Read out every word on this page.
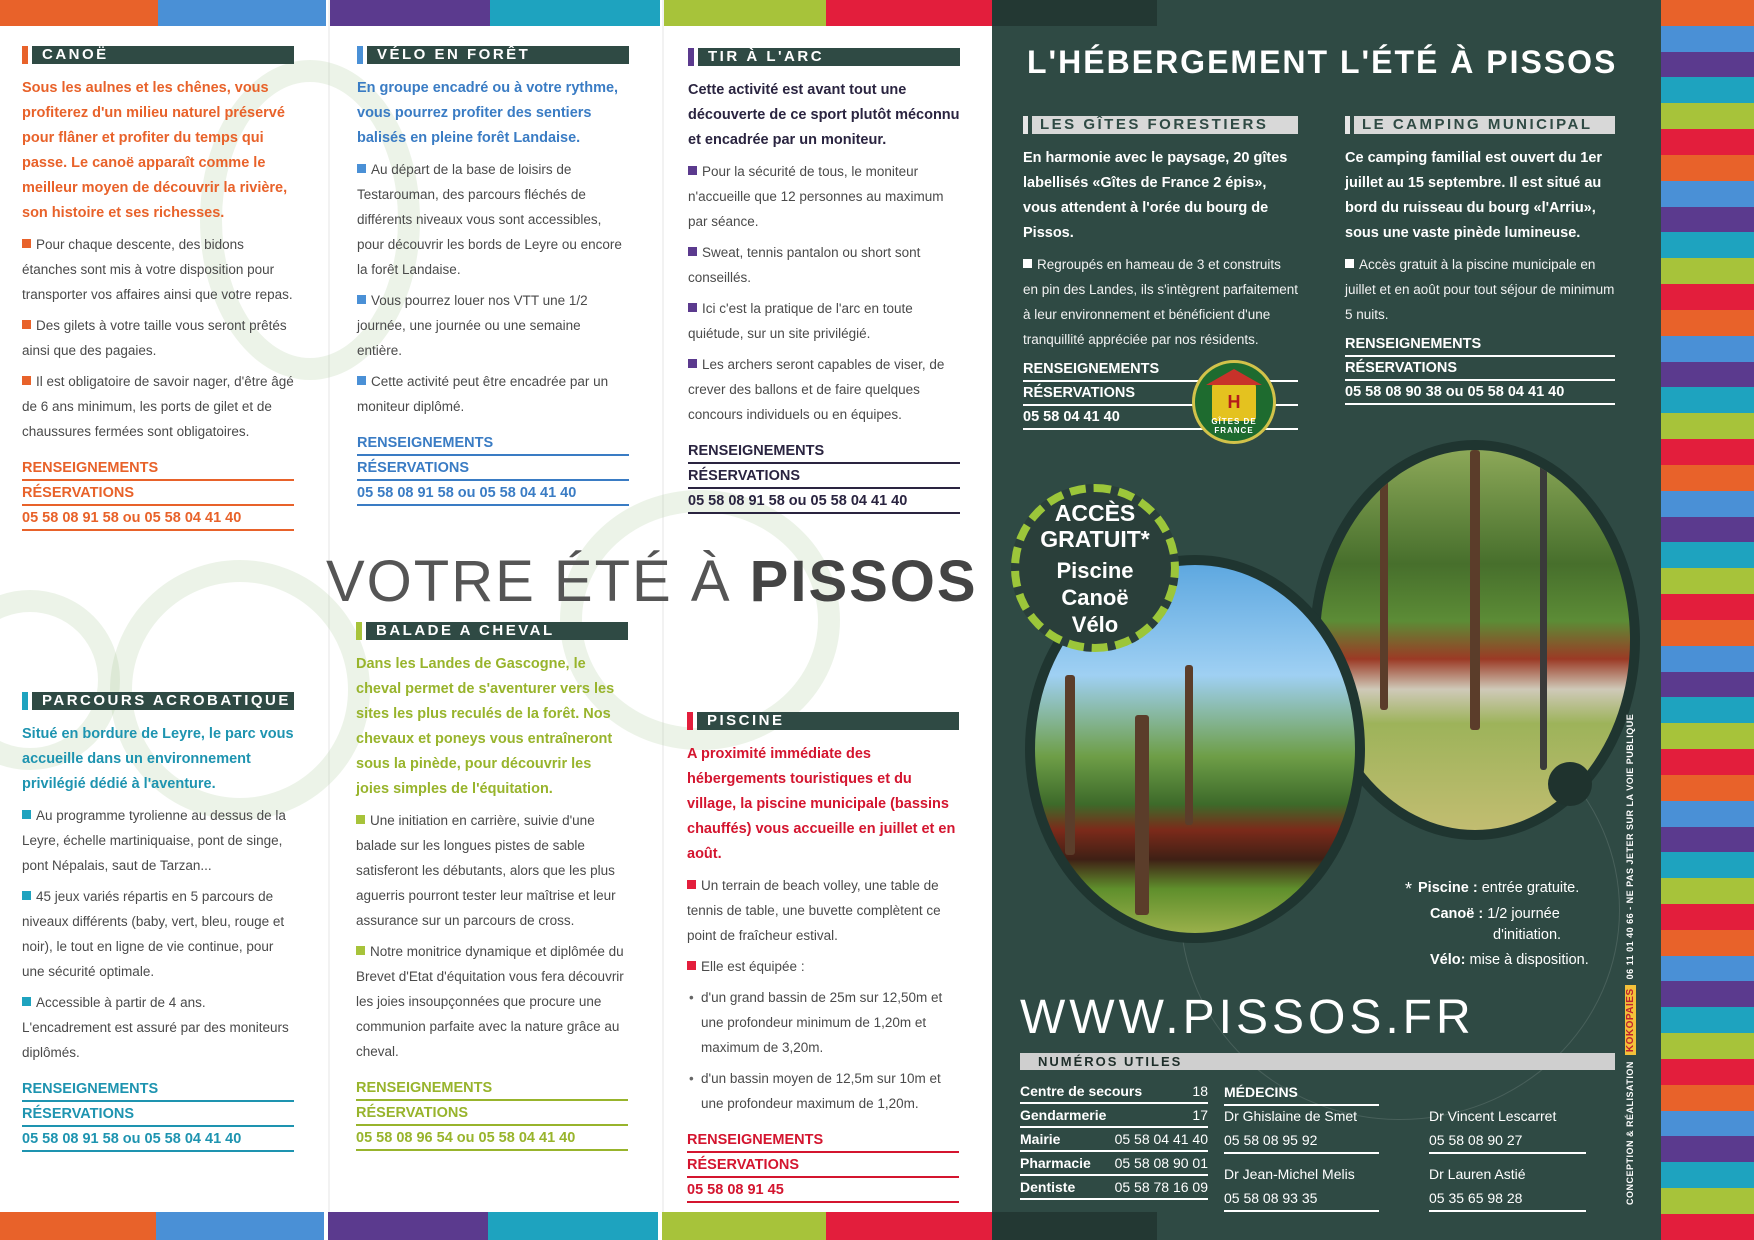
CANOË
Sous les aulnes et les chênes, vous profiterez d'un milieu naturel préservé pour flâner et profiter du temps qui passe. Le canoë apparaît comme le meilleur moyen de découvrir la rivière, son histoire et ses richesses.
Pour chaque descente, des bidons étanches sont mis à votre disposition pour transporter vos affaires ainsi que votre repas.
Des gilets à votre taille vous seront prêtés ainsi que des pagaies.
Il est obligatoire de savoir nager, d'être âgé de 6 ans minimum, les ports de gilet et de chaussures fermées sont obligatoires.
RENSEIGNEMENTS
RÉSERVATIONS
05 58 08 91 58 ou 05 58 04 41 40
VÉLO EN FORÊT
En groupe encadré ou à votre rythme, vous pourrez profiter des sentiers balisés en pleine forêt Landaise.
Au départ de la base de loisirs de Testarouman, des parcours fléchés de différents niveaux vous sont accessibles, pour découvrir les bords de Leyre ou encore la forêt Landaise.
Vous pourrez louer nos VTT une 1/2 journée, une journée ou une semaine entière.
Cette activité peut être encadrée par un moniteur diplômé.
RENSEIGNEMENTS
RÉSERVATIONS
05 58 08 91 58 ou 05 58 04 41 40
TIR À L'ARC
Cette activité est avant tout une découverte de ce sport plutôt méconnu et encadrée par un moniteur.
Pour la sécurité de tous, le moniteur n'accueille que 12 personnes au maximum par séance.
Sweat, tennis pantalon ou short sont conseillés.
Ici c'est la pratique de l'arc en toute quiétude, sur un site privilégié.
Les archers seront capables de viser, de crever des ballons et de faire quelques concours individuels ou en équipes.
RENSEIGNEMENTS
RÉSERVATIONS
05 58 08 91 58 ou 05 58 04 41 40
VOTRE ÉTÉ À PISSOS
PARCOURS ACROBATIQUE
Situé en bordure de Leyre, le parc vous accueille dans un environnement privilégié dédié à l'aventure.
Au programme tyrolienne au dessus de la Leyre, échelle martiniquaise, pont de singe, pont Népalais, saut de Tarzan...
45 jeux variés répartis en 5 parcours de niveaux différents (baby, vert, bleu, rouge et noir), le tout en ligne de vie continue, pour une sécurité optimale.
Accessible à partir de 4 ans. L'encadrement est assuré par des moniteurs diplômés.
RENSEIGNEMENTS
RÉSERVATIONS
05 58 08 91 58 ou 05 58 04 41 40
BALADE A CHEVAL
Dans les Landes de Gascogne, le cheval permet de s'aventurer vers les sites les plus reculés de la forêt. Nos chevaux et poneys vous entraîneront sous la pinède, pour découvrir les joies simples de l'équitation.
Une initiation en carrière, suivie d'une balade sur les longues pistes de sable satisferont les débutants, alors que les plus aguerris pourront tester leur maîtrise et leur assurance sur un parcours de cross.
Notre monitrice dynamique et diplômée du Brevet d'Etat d'équitation vous fera découvrir les joies insoupçonnées que procure une communion parfaite avec la nature grâce au cheval.
RENSEIGNEMENTS
RÉSERVATIONS
05 58 08 96 54 ou 05 58 04 41 40
PISCINE
A proximité immédiate des hébergements touristiques et du village, la piscine municipale (bassins chauffés) vous accueille en juillet et en août.
Un terrain de beach volley, une table de tennis de table, une buvette complètent ce point de fraîcheur estival.
Elle est équipée :
• d'un grand bassin de 25m sur 12,50m et une profondeur minimum de 1,20m et maximum de 3,20m.
• d'un bassin moyen de 12,5m sur 10m et une profondeur maximum de 1,20m.
RENSEIGNEMENTS
RÉSERVATIONS
05 58 08 91 45
L'HÉBERGEMENT L'ÉTÉ À PISSOS
LES GÎTES FORESTIERS
En harmonie avec le paysage, 20 gîtes labellisés «Gîtes de France 2 épis», vous attendent à l'orée du bourg de Pissos.
Regroupés en hameau de 3 et construits en pin des Landes, ils s'intègrent parfaitement à leur environnement et bénéficient d'une tranquillité appréciée par nos résidents.
RENSEIGNEMENTS
RÉSERVATIONS
05 58 04 41 40
H
GÎTES DE FRANCE
LE CAMPING MUNICIPAL
Ce camping familial est ouvert du 1er juillet au 15 septembre. Il est situé au bord du ruisseau du bourg «l'Arriu», sous une vaste pinède lumineuse.
Accès gratuit à la piscine municipale en juillet et en août pour tout séjour de minimum 5 nuits.
RENSEIGNEMENTS
RÉSERVATIONS
05 58 08 90 38 ou 05 58 04 41 40
ACCÈS
GRATUIT*
Piscine
Canoë
Vélo
* Piscine : entrée gratuite.
Canoë : 1/2 journée
d'initiation.
Vélo: mise à disposition.
WWW.PISSOS.FR
NUMÉROS UTILES
Centre de secours	18
Gendarmerie	17
Mairie	05 58 04 41 40
Pharmacie 05 58 08 90 01
Dentiste	05 58 78 16 09
MÉDECINS
Dr Ghislaine de Smet
05 58 08 95 92
Dr Vincent Lescarret
05 58 08 90 27
Dr Jean-Michel Melis
05 58 08 93 35
Dr Lauren Astié
05 35 65 98 28	CONCEPTION & RÉALISATIONKOKOPAIES06 11 01 40 66 - NE PAS JETER SUR LA VOIE PUBLIQUE
